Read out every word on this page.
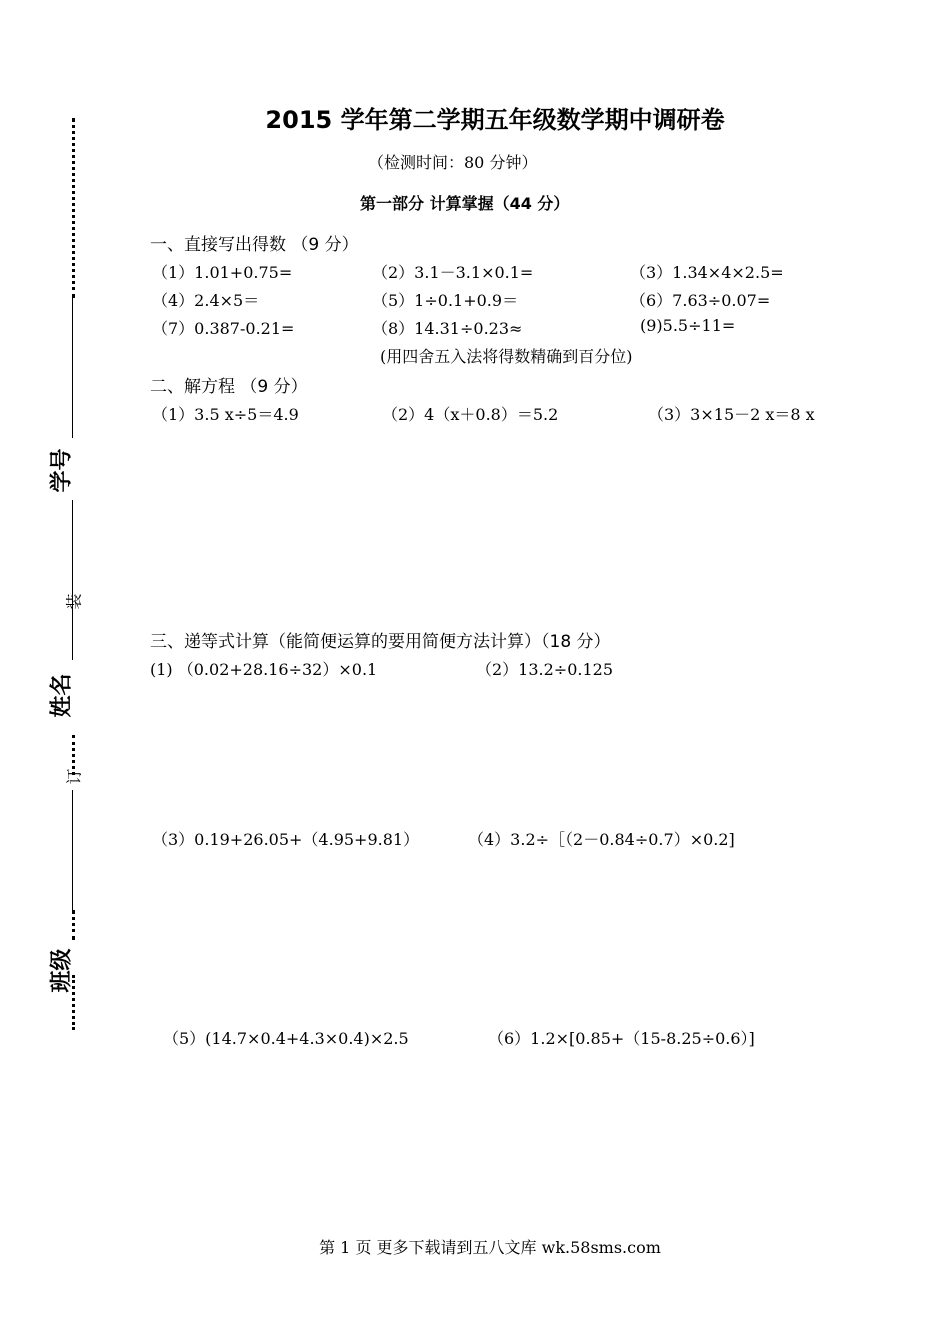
学号
装
姓名
订
班级
2015 学年第二学期五年级数学期中调研卷
（检测时间：80 分钟）
第一部分 计算掌握（44 分）
一、直接写出得数 （9 分）
（1）1.01+0.75=	（2）3.1－3.1×0.1=	（3）1.34×4×2.5=
（4）2.4×5＝	（5）1÷0.1+0.9＝	（6）7.63÷0.07=
（7）0.387-0.21=	（8）14.31÷0.23≈	(9)5.5÷11=
(用四舍五入法将得数精确到百分位)
二、解方程 （9 分）
（1）3.5 x÷5＝4.9	（2）4（x＋0.8）＝5.2	（3）3×15－2 x＝8 x
三、递等式计算（能简便运算的要用简便方法计算）（18 分）
(1) （0.02+28.16÷32）×0.1	（2）13.2÷0.125
（3）0.19+26.05+（4.95+9.81）	（4）3.2÷［（2－0.84÷0.7）×0.2]
（5）(14.7×0.4+4.3×0.4)×2.5	（6）1.2×[0.85+（15-8.25÷0.6）]
第 1 页 更多下载请到五八文库 wk.58sms.com
